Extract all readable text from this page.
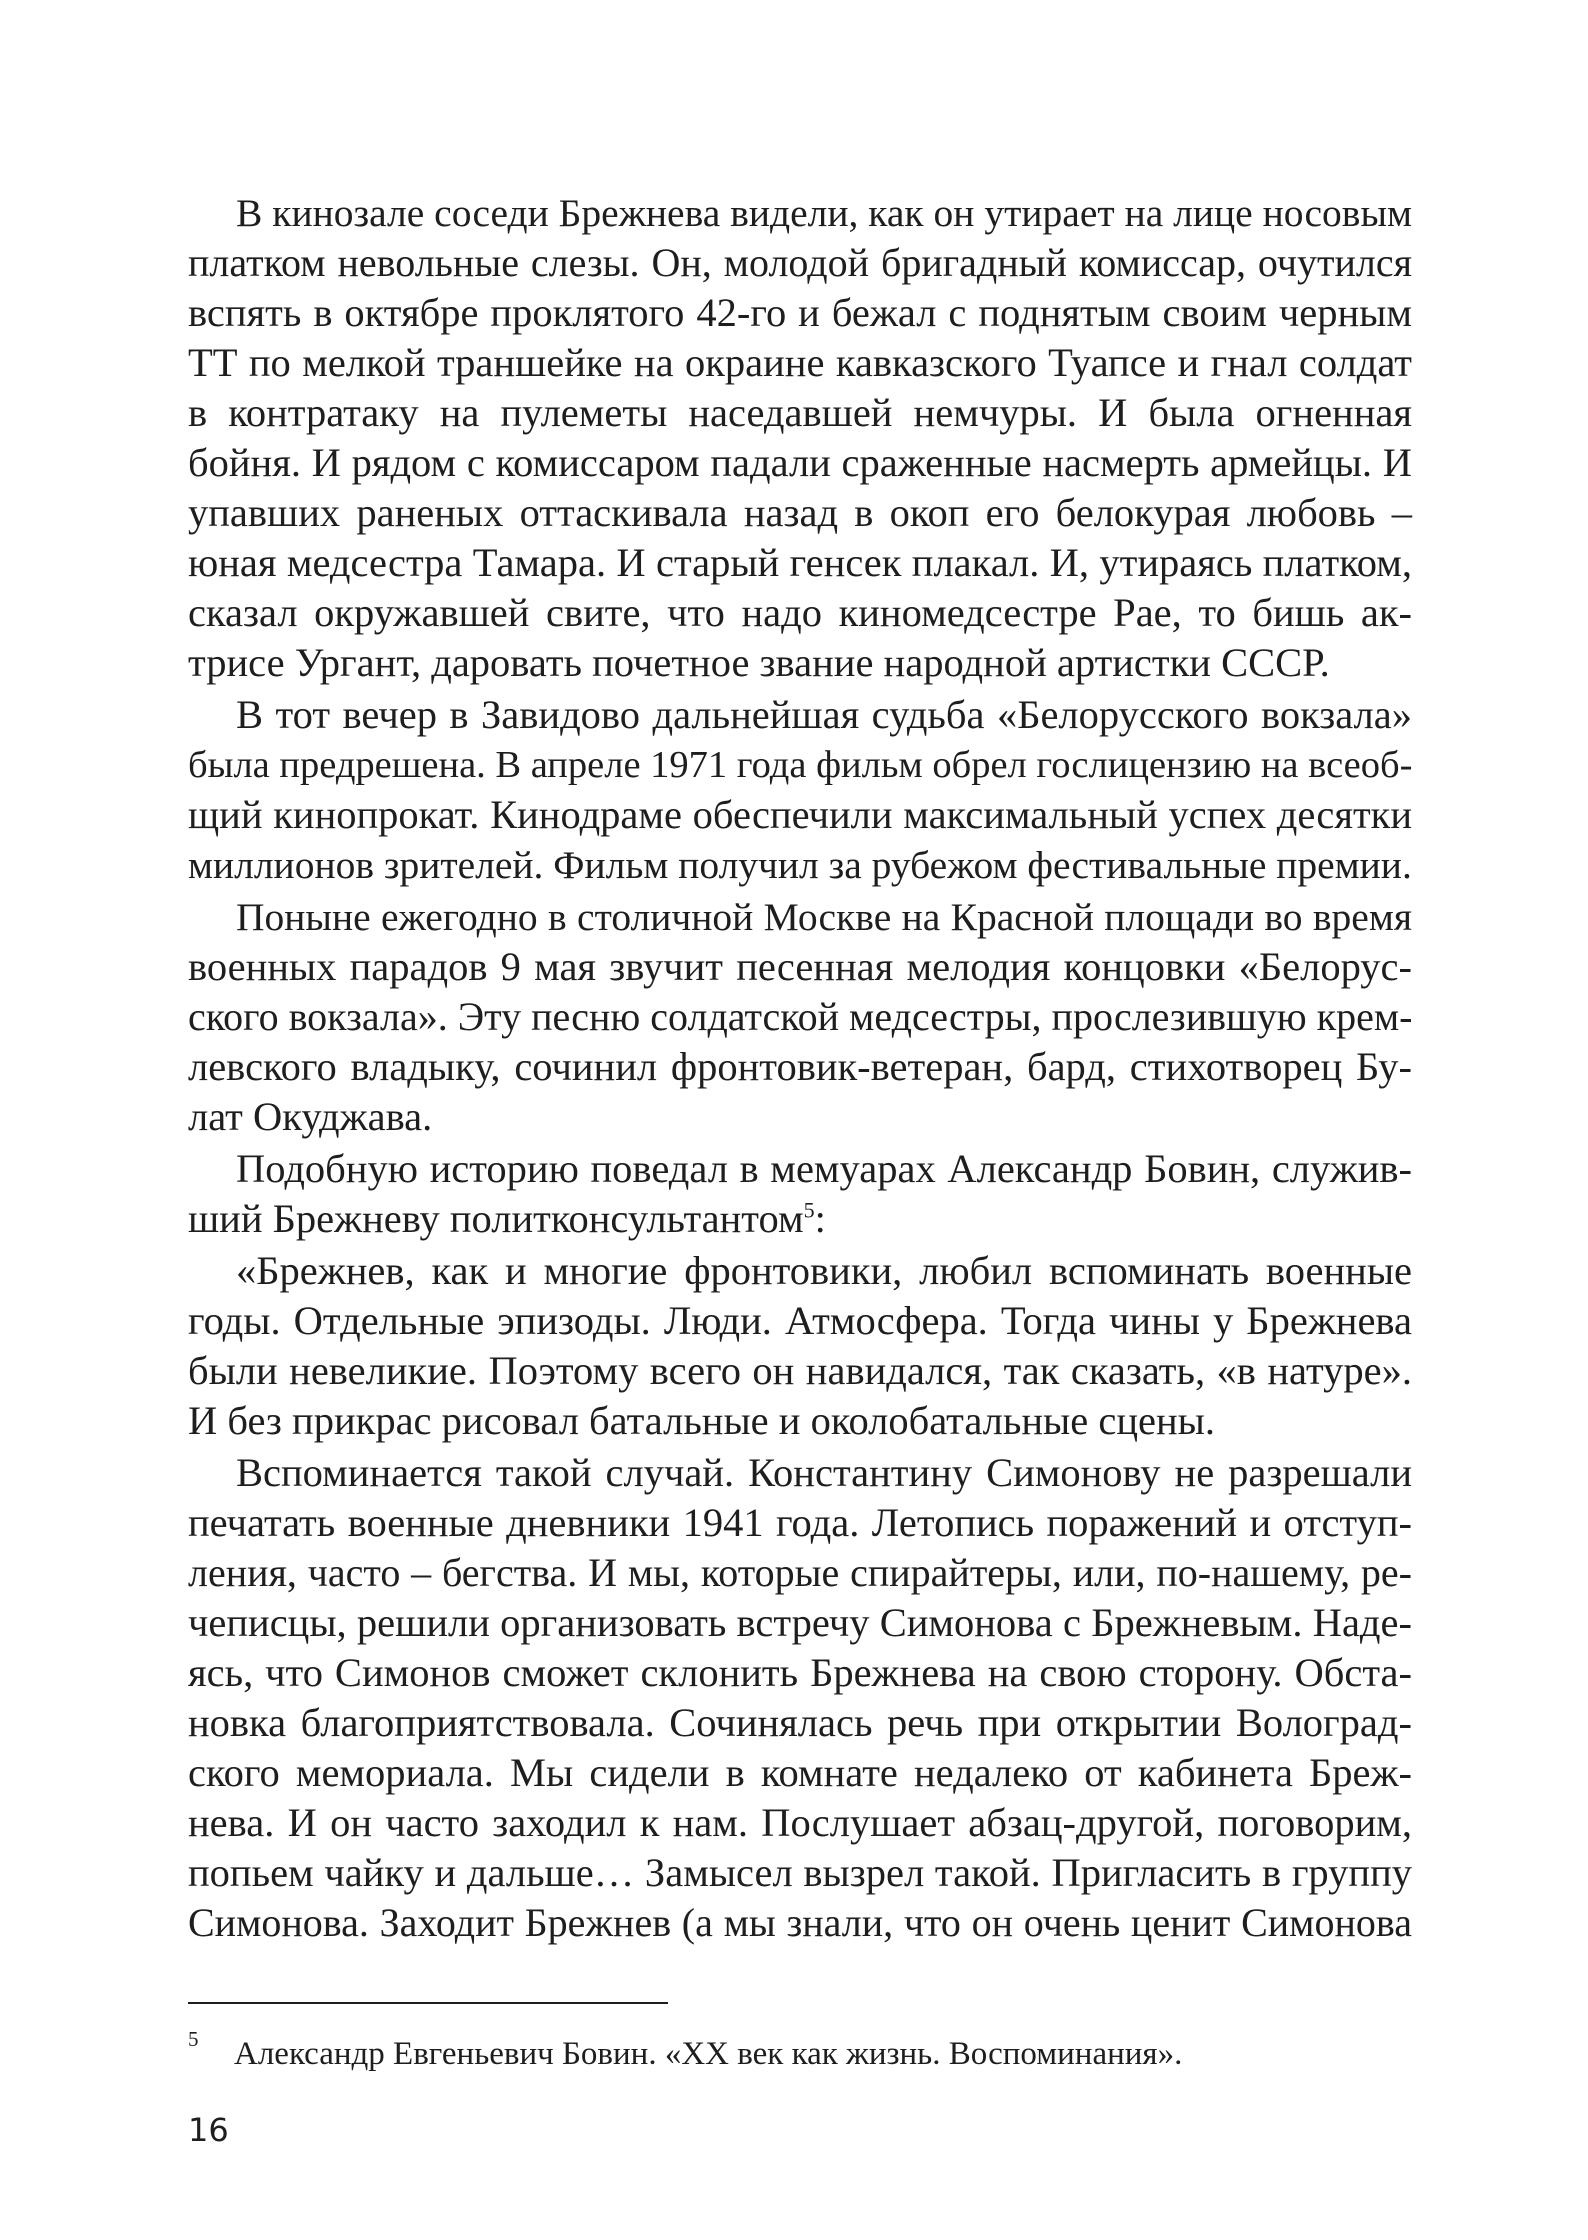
В кинозале соседи Брежнева видели, как он утирает на лице носовым
платком невольные слезы. Он, молодой бригадный комиссар, очутился
вспять в октябре проклятого 42-го и бежал с поднятым своим черным
ТТ по мелкой траншейке на окраине кавказского Туапсе и гнал солдат
в контратаку на пулеметы наседавшей немчуры. И была огненная
бойня. И рядом с комиссаром падали сраженные насмерть армейцы. И
упавших раненых оттаскивала назад в окоп его белокурая любовь –
юная медсестра Тамара. И старый генсек плакал. И, утираясь платком,
сказал окружавшей свите, что надо киномедсестре Рае, то бишь ак-
трисе Ургант, даровать почетное звание народной артистки СССР.
В тот вечер в Завидово дальнейшая судьба «Белорусского вокзала»
была предрешена. В апреле 1971 года фильм обрел гослицензию на всеоб-
щий кинопрокат. Кинодраме обеспечили максимальный успех десятки
миллионов зрителей. Фильм получил за рубежом фестивальные премии.
Поныне ежегодно в столичной Москве на Красной площади во время
военных парадов 9 мая звучит песенная мелодия концовки «Белорус-
ского вокзала». Эту песню солдатской медсестры, прослезившую крем-
левского владыку, сочинил фронтовик-ветеран, бард, стихотворец Бу-
лат Окуджава.
Подобную историю поведал в мемуарах Александр Бовин, служив-
ший Брежневу политконсультантом$^5$:
«Брежнев, как и многие фронтовики, любил вспоминать военные
годы. Отдельные эпизоды. Люди. Атмосфера. Тогда чины у Брежнева
были невеликие. Поэтому всего он навидался, так сказать, «в натуре».
И без прикрас рисовал батальные и околобатальные сцены.
Вспоминается такой случай. Константину Симонову не разрешали
печатать военные дневники 1941 года. Летопись поражений и отступ-
ления, часто – бегства. И мы, которые спирайтеры, или, по-нашему, ре-
чеписцы, решили организовать встречу Симонова с Брежневым. Наде-
ясь, что Симонов сможет склонить Брежнева на свою сторону. Обста-
новка благоприятствовала. Сочинялась речь при открытии Волоград-
ского мемориала. Мы сидели в комнате недалеко от кабинета Бреж-
нева. И он часто заходил к нам. Послушает абзац-другой, поговорим,
попьем чайку и дальше… Замысел вызрел такой. Пригласить в группу
Симонова. Заходит Брежнев (а мы знали, что он очень ценит Симонова
5 Александр Евгеньевич Бовин. «XX век как жизнь. Воспоминания».
16
